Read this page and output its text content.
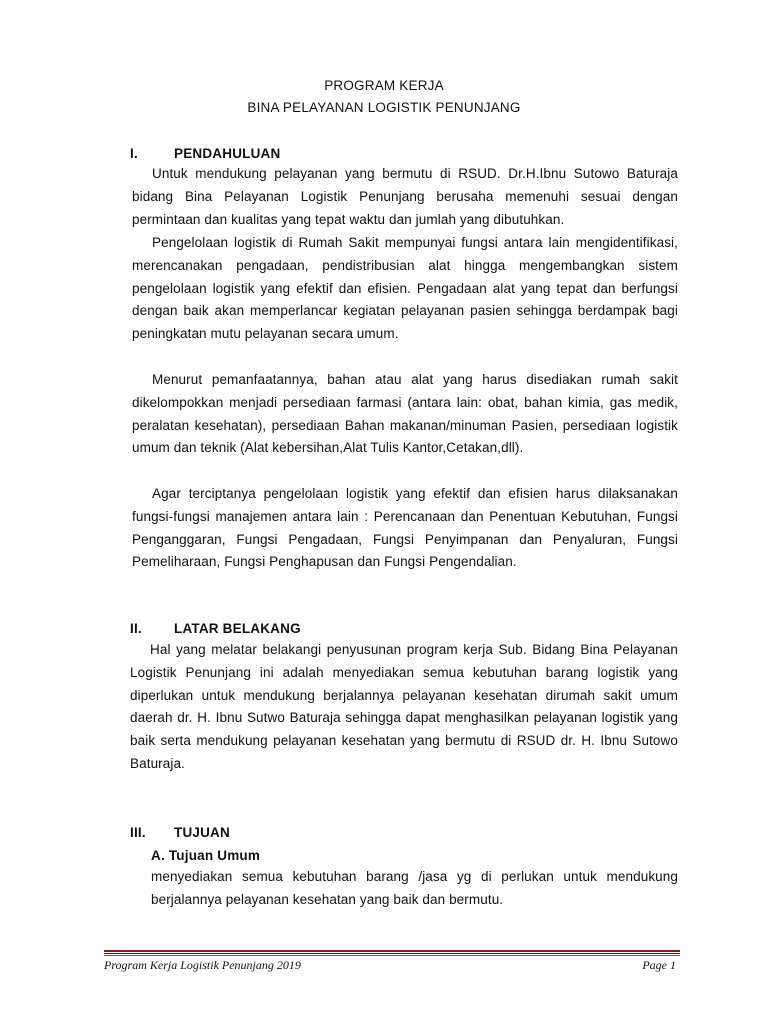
PROGRAM KERJA
BINA PELAYANAN LOGISTIK PENUNJANG
I.	PENDAHULUAN

Untuk mendukung pelayanan yang bermutu di RSUD. Dr.H.Ibnu Sutowo Baturaja bidang Bina Pelayanan Logistik Penunjang berusaha memenuhi sesuai dengan permintaan dan kualitas yang tepat waktu dan jumlah yang dibutuhkan.

Pengelolaan logistik di Rumah Sakit mempunyai fungsi antara lain mengidentifikasi, merencanakan pengadaan, pendistribusian alat hingga mengembangkan sistem pengelolaan logistik yang efektif dan efisien. Pengadaan alat yang tepat dan berfungsi dengan baik akan memperlancar kegiatan pelayanan pasien sehingga berdampak bagi peningkatan mutu pelayanan secara umum.

Menurut pemanfaatannya, bahan atau alat yang harus disediakan rumah sakit dikelompokkan menjadi persediaan farmasi (antara lain: obat, bahan kimia, gas medik, peralatan kesehatan), persediaan Bahan makanan/minuman Pasien, persediaan logistik umum dan teknik (Alat kebersihan,Alat Tulis Kantor,Cetakan,dll).

Agar terciptanya pengelolaan logistik yang efektif dan efisien harus dilaksanakan fungsi-fungsi manajemen antara lain : Perencanaan dan Penentuan Kebutuhan, Fungsi Penganggaran, Fungsi Pengadaan, Fungsi Penyimpanan dan Penyaluran, Fungsi Pemeliharaan, Fungsi Penghapusan dan Fungsi Pengendalian.

II. LATAR BELAKANG

Hal yang melatar belakangi penyusunan program kerja Sub. Bidang Bina Pelayanan Logistik Penunjang ini adalah menyediakan semua kebutuhan barang logistik yang diperlukan untuk mendukung berjalannya pelayanan kesehatan dirumah sakit umum daerah dr. H. Ibnu Sutwo Baturaja sehingga dapat menghasilkan pelayanan logistik yang baik serta mendukung pelayanan kesehatan yang bermutu di RSUD dr. H. Ibnu Sutowo Baturaja.

III. TUJUAN
A. Tujuan Umum

menyediakan semua kebutuhan barang /jasa yg di perlukan untuk mendukung berjalannya pelayanan kesehatan yang baik dan bermutu.

Program Kerja Logistik Penunjang 2019	Page 1
